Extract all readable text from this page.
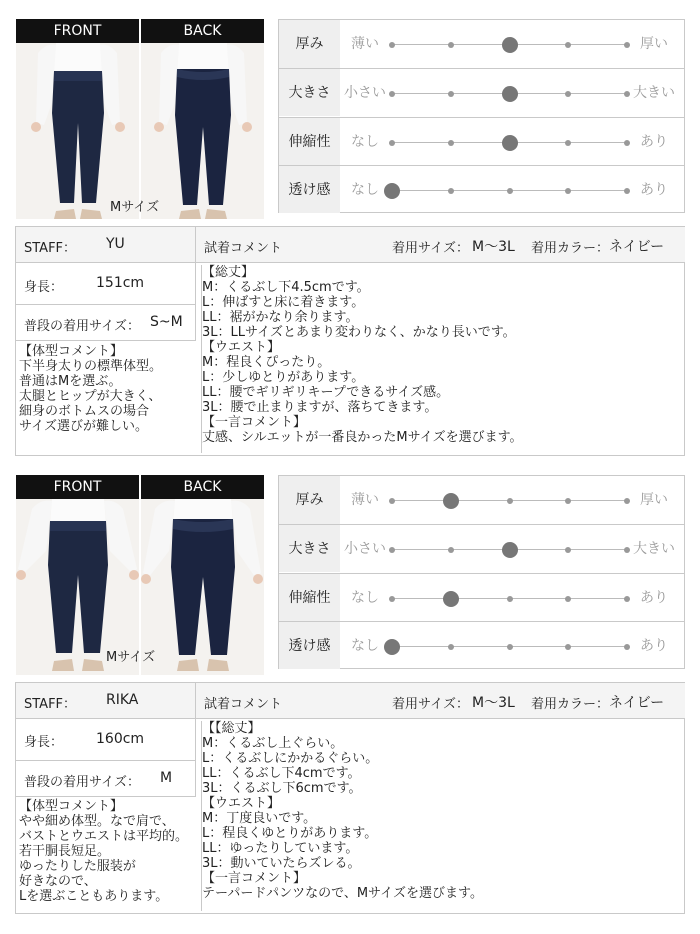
FRONT	BACK
Mサイズ
厚み	薄い	厚い
大きさ 小さい	大きい
伸縮性	なし	あり
透け感	なし	あり
STAFF： YU	試着コメント	着用サイズ： M〜3L 着用カラー： ネイビー
身長： 151cm
普段の着用サイズ： S~M
【体型コメント】
下半身太りの標準体型。
普通はMを選ぶ。
太腿とヒップが大きく、
細身のボトムスの場合
サイズ選びが難しい。
【総丈】
M：くるぶし下4.5cmです。
L：伸ばすと床に着きます。
LL：裾がかなり余ります。
3L：LLサイズとあまり変わりなく、かなり長いです。
【ウエスト】
M：程良くぴったり。
L：少しゆとりがあります。
LL：腰でギリギリキープできるサイズ感。
3L：腰で止まりますが、落ちてきます。
【一言コメント】
丈感、シルエットが一番良かったMサイズを選びます。
FRONT	BACK
Mサイズ
厚み	薄い	厚い
大きさ 小さい	大きい
伸縮性	なし	あり
透け感	なし	あり
STAFF： RIKA	試着コメント	着用サイズ： M〜3L 着用カラー： ネイビー
身長： 160cm
普段の着用サイズ： M
【体型コメント】
やや細め体型。なで肩で、
バストとウエストは平均的。
若干胴長短足。
ゆったりした服装が
好きなので、
Lを選ぶこともあります。
【【総丈】
M：くるぶし上ぐらい。
L：くるぶしにかかるぐらい。
LL：くるぶし下4cmです。
3L：くるぶし下6cmです。
【ウエスト】
M：丁度良いです。
L：程良くゆとりがあります。
LL：ゆったりしています。
3L：動いていたらズレる。
【一言コメント】
テーパードパンツなので、Mサイズを選びます。
